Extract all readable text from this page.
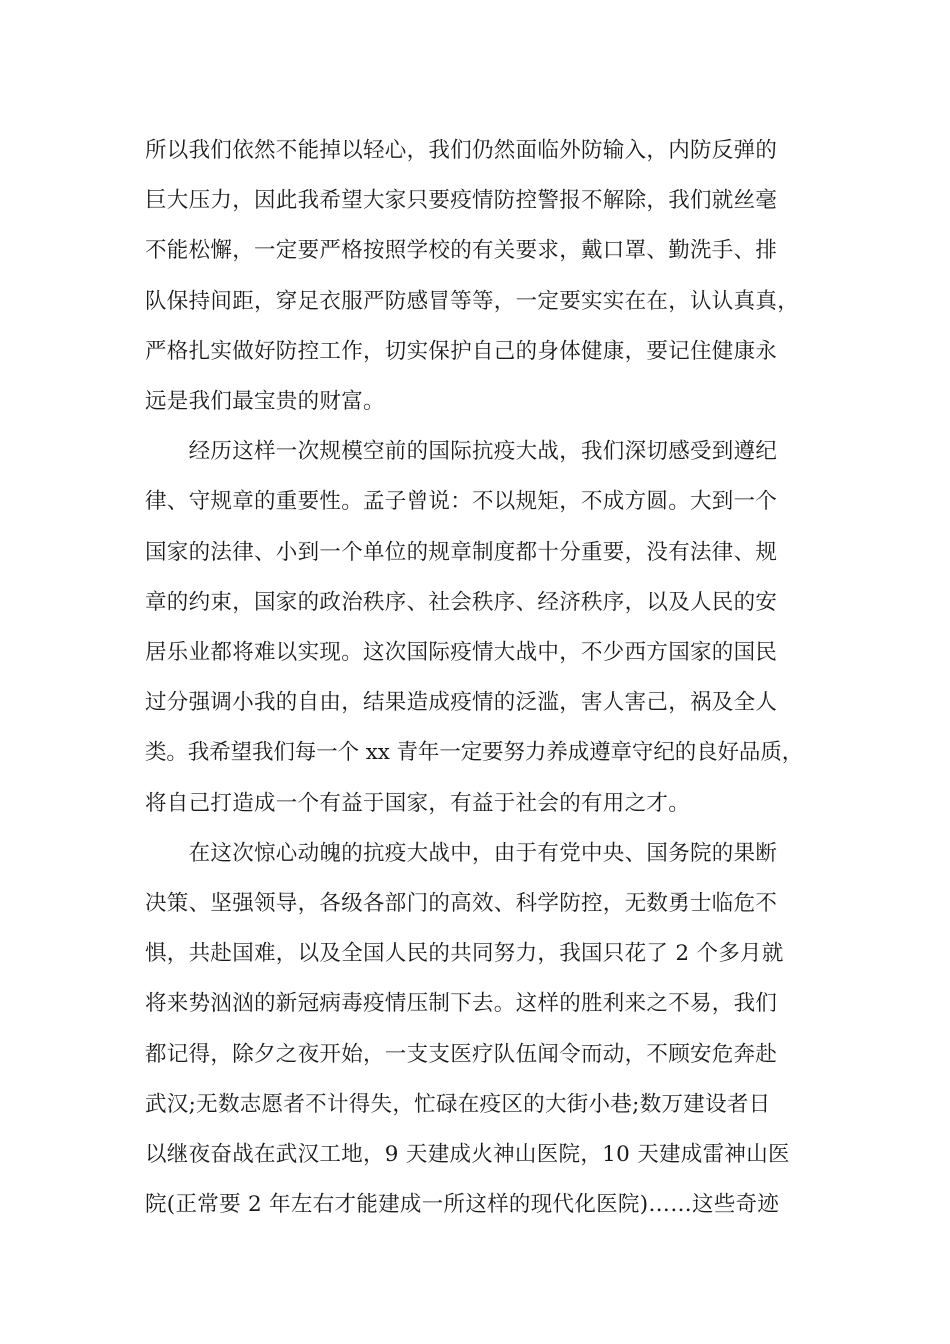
所以我们依然不能掉以轻心，我们仍然面临外防输入，内防反弹的
巨大压力，因此我希望大家只要疫情防控警报不解除，我们就丝毫
不能松懈，一定要严格按照学校的有关要求，戴口罩、勤洗手、排
队保持间距，穿足衣服严防感冒等等，一定要实实在在，认认真真，
严格扎实做好防控工作，切实保护自己的身体健康，要记住健康永
远是我们最宝贵的财富。
　　经历这样一次规模空前的国际抗疫大战，我们深切感受到遵纪
律、守规章的重要性。孟子曾说：不以规矩，不成方圆。大到一个
国家的法律、小到一个单位的规章制度都十分重要，没有法律、规
章的约束，国家的政治秩序、社会秩序、经济秩序，以及人民的安
居乐业都将难以实现。这次国际疫情大战中，不少西方国家的国民
过分强调小我的自由，结果造成疫情的泛滥，害人害己，祸及全人
类。我希望我们每一个 xx 青年一定要努力养成遵章守纪的良好品质，
将自己打造成一个有益于国家，有益于社会的有用之才。
　　在这次惊心动魄的抗疫大战中，由于有党中央、国务院的果断
决策、坚强领导，各级各部门的高效、科学防控，无数勇士临危不
惧，共赴国难，以及全国人民的共同努力，我国只花了 2 个多月就
将来势汹汹的新冠病毒疫情压制下去。这样的胜利来之不易，我们
都记得，除夕之夜开始，一支支医疗队伍闻令而动，不顾安危奔赴
武汉;无数志愿者不计得失，忙碌在疫区的大街小巷;数万建设者日
以继夜奋战在武汉工地，9 天建成火神山医院，10 天建成雷神山医
院(正常要 2 年左右才能建成一所这样的现代化医院)……这些奇迹
